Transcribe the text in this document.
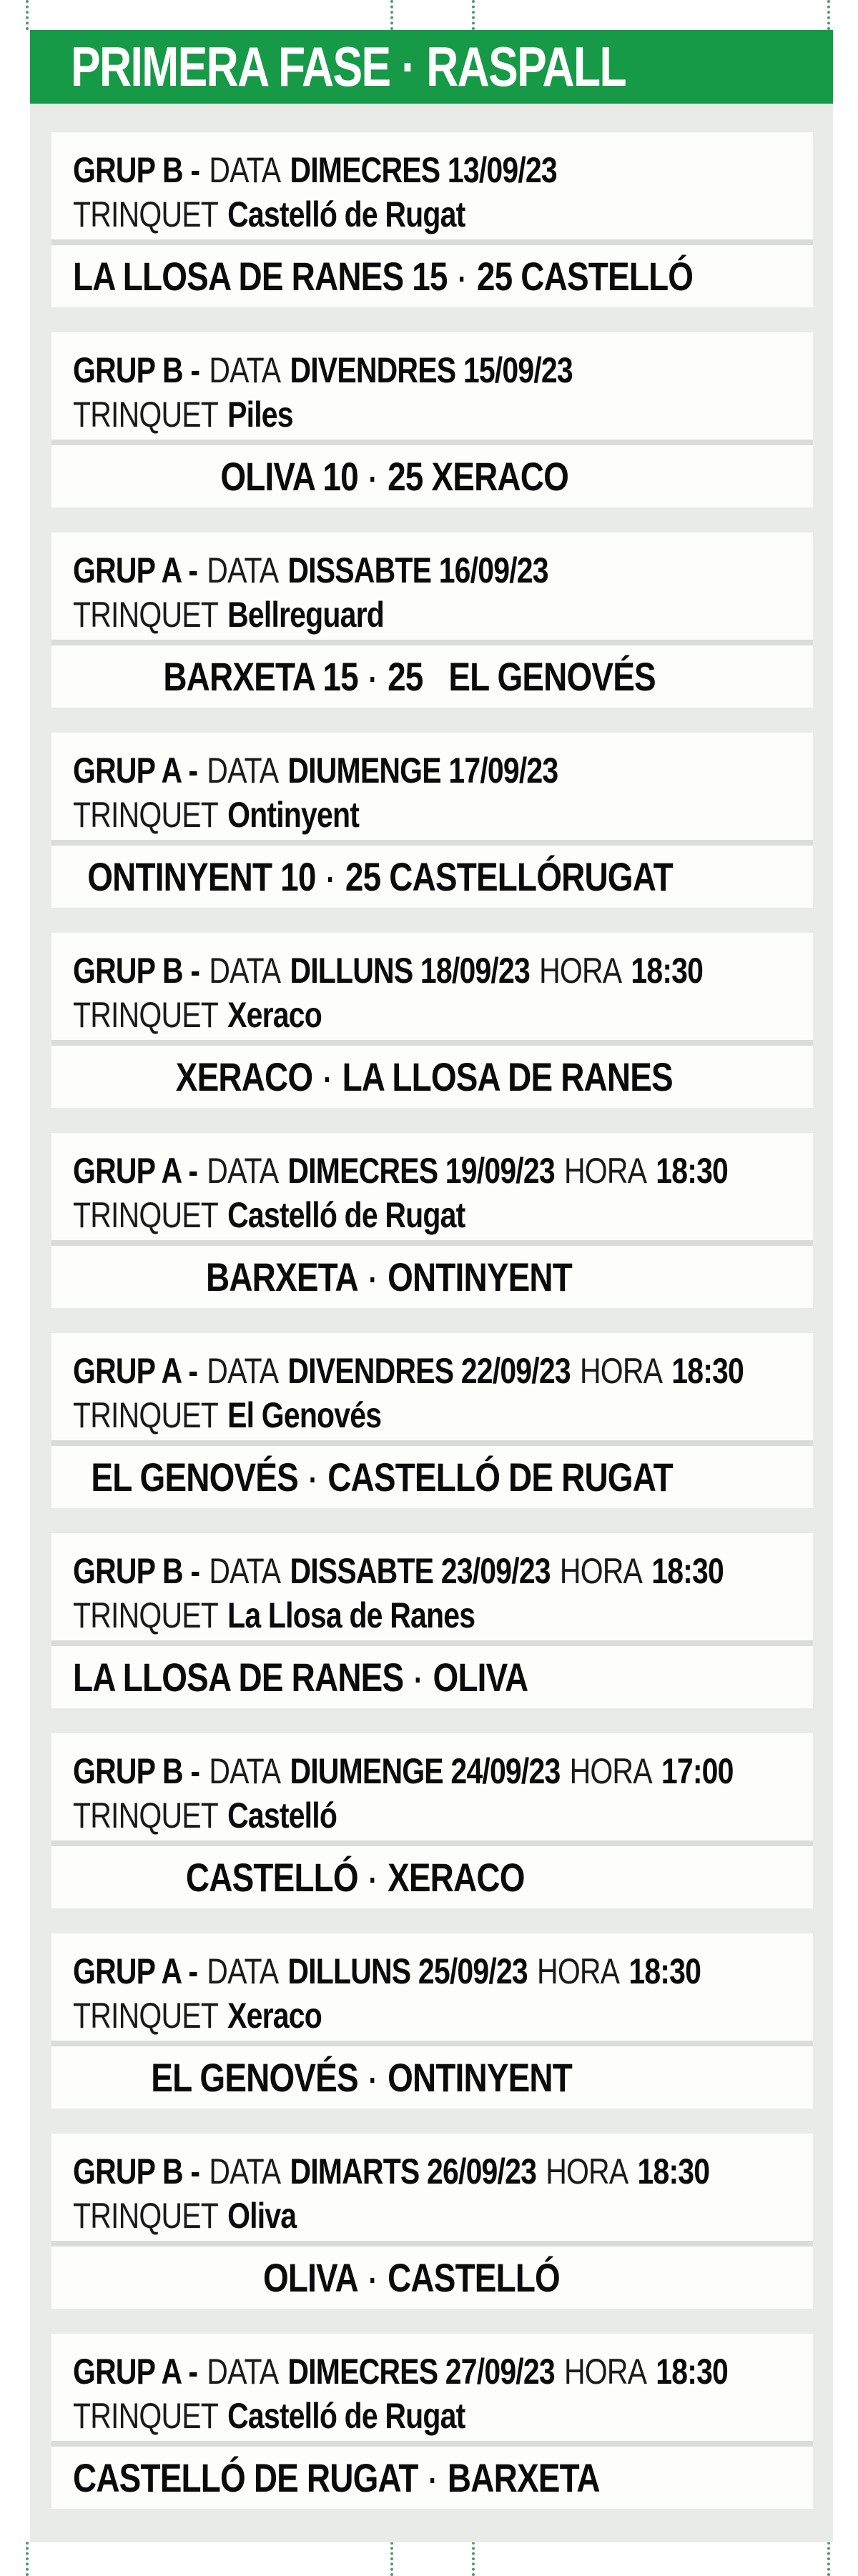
PRIMERA FASE · RASPALL
GRUP B - DATA DIMECRES 13/09/23
TRINQUET Castelló de Rugat
LA LLOSA DE RANES 15 · 25 CASTELLÓ
GRUP B - DATA DIVENDRES 15/09/23
TRINQUET Piles
OLIVA 10 · 25 XERACO
GRUP A - DATA DISSABTE 16/09/23
TRINQUET Bellreguard
BARXETA 15 · 25   EL GENOVÉS
GRUP A - DATA DIUMENGE 17/09/23
TRINQUET Ontinyent
ONTINYENT 10 · 25 CASTELLÓRUGAT
GRUP B - DATA DILLUNS 18/09/23 HORA 18:30
TRINQUET Xeraco
XERACO · LA LLOSA DE RANES
GRUP A - DATA DIMECRES 19/09/23 HORA 18:30
TRINQUET Castelló de Rugat
BARXETA · ONTINYENT
GRUP A - DATA DIVENDRES 22/09/23 HORA 18:30
TRINQUET El Genovés
EL GENOVÉS · CASTELLÓ DE RUGAT
GRUP B - DATA DISSABTE 23/09/23 HORA 18:30
TRINQUET La Llosa de Ranes
LA LLOSA DE RANES · OLIVA
GRUP B - DATA DIUMENGE 24/09/23 HORA 17:00
TRINQUET Castelló
CASTELLÓ · XERACO
GRUP A - DATA DILLUNS 25/09/23 HORA 18:30
TRINQUET Xeraco
EL GENOVÉS · ONTINYENT
GRUP B - DATA DIMARTS 26/09/23 HORA 18:30
TRINQUET Oliva
OLIVA · CASTELLÓ
GRUP A - DATA DIMECRES 27/09/23 HORA 18:30
TRINQUET Castelló de Rugat
CASTELLÓ DE RUGAT · BARXETA
